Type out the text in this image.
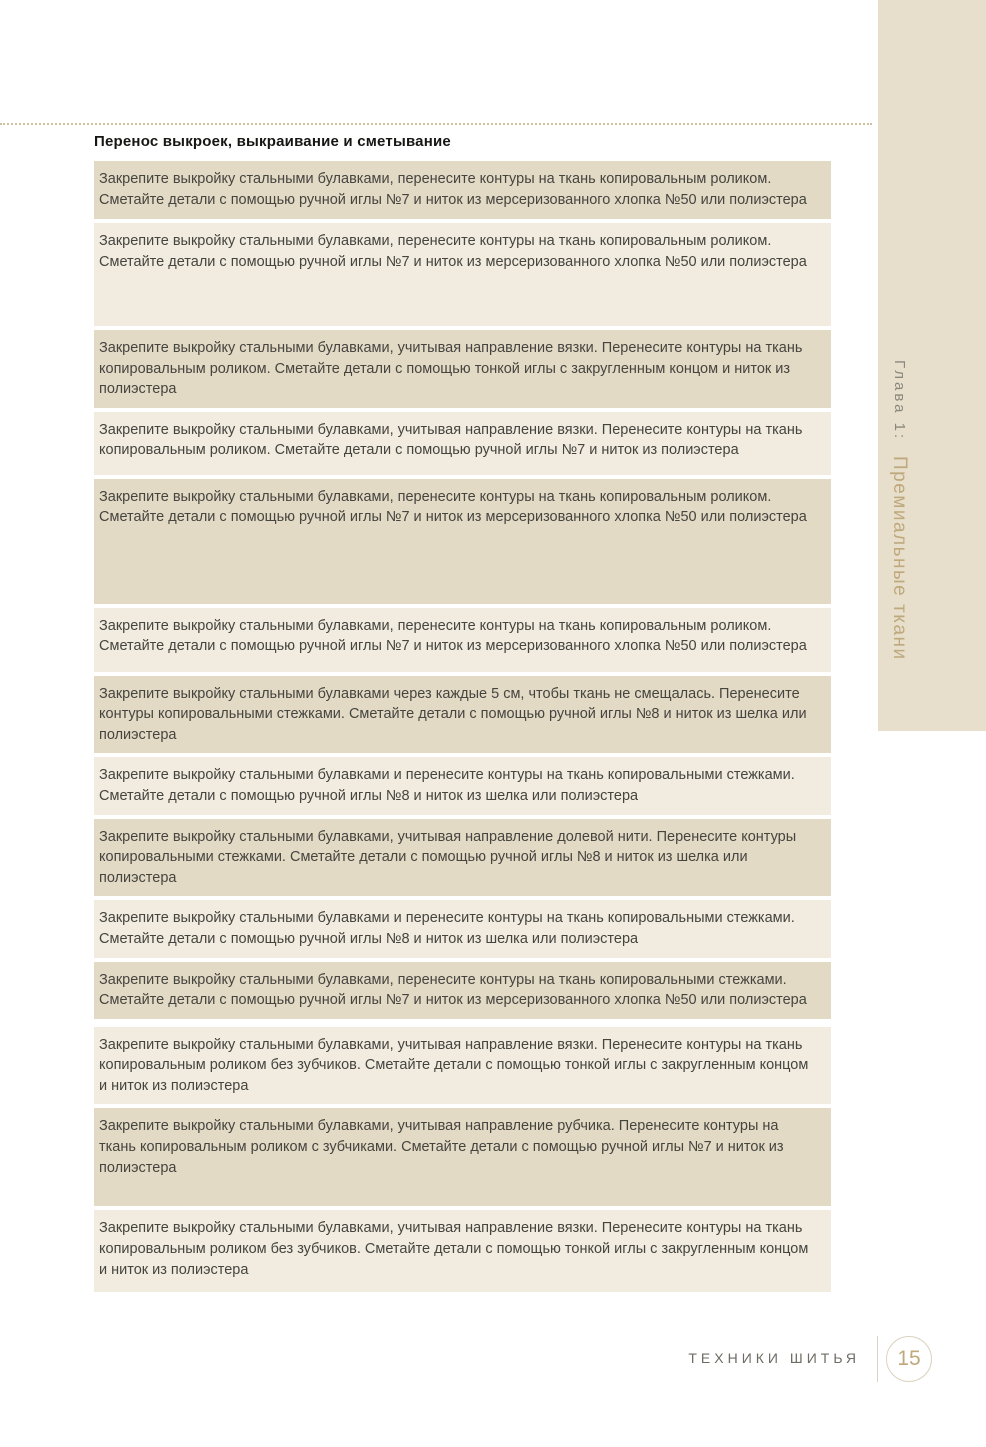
Глава 1: Премиальные ткани
Перенос выкроек, выкраивание и сметывание
Закрепите выкройку стальными булавками, перенесите контуры на ткань копировальным роликом. Сметайте детали с помощью ручной иглы №7 и ниток из мерсеризованного хлопка №50 или полиэстера
Закрепите выкройку стальными булавками, перенесите контуры на ткань копировальным роликом. Сметайте детали с помощью ручной иглы №7 и ниток из мерсеризованного хлопка №50 или полиэстера
Закрепите выкройку стальными булавками, учитывая направление вязки. Перенесите контуры на ткань копировальным роликом. Сметайте детали с помощью тонкой иглы с закругленным концом и ниток из полиэстера
Закрепите выкройку стальными булавками, учитывая направление вязки. Перенесите контуры на ткань копировальным роликом. Сметайте детали с помощью ручной иглы №7 и ниток из полиэстера
Закрепите выкройку стальными булавками, перенесите контуры на ткань копировальным роликом. Сметайте детали с помощью ручной иглы №7 и ниток из мерсеризованного хлопка №50 или полиэстера
Закрепите выкройку стальными булавками, перенесите контуры на ткань копировальным роликом. Сметайте детали с помощью ручной иглы №7 и ниток из мерсеризованного хлопка №50 или полиэстера
Закрепите выкройку стальными булавками через каждые 5 см, чтобы ткань не смещалась. Перенесите контуры копировальными стежками. Сметайте детали с помощью ручной иглы №8 и ниток из шелка или полиэстера
Закрепите выкройку стальными булавками и перенесите контуры на ткань копировальными стежками. Сметайте детали с помощью ручной иглы №8 и ниток из шелка или полиэстера
Закрепите выкройку стальными булавками, учитывая направление долевой нити. Перенесите контуры копировальными стежками. Сметайте детали с помощью ручной иглы №8 и ниток из шелка или полиэстера
Закрепите выкройку стальными булавками и перенесите контуры на ткань копировальными стежками. Сметайте детали с помощью ручной иглы №8 и ниток из шелка или полиэстера
Закрепите выкройку стальными булавками, перенесите контуры на ткань копировальными стежками. Сметайте детали с помощью ручной иглы №7 и ниток из мерсеризованного хлопка №50 или полиэстера
Закрепите выкройку стальными булавками, учитывая направление вязки. Перенесите контуры на ткань копировальным роликом без зубчиков. Сметайте детали с помощью тонкой иглы с закругленным концом и ниток из полиэстера
Закрепите выкройку стальными булавками, учитывая направление рубчика. Перенесите контуры на ткань копировальным роликом с зубчиками. Сметайте детали с помощью ручной иглы №7 и ниток из полиэстера
Закрепите выкройку стальными булавками, учитывая направление вязки. Перенесите контуры на ткань копировальным роликом без зубчиков. Сметайте детали с помощью тонкой иглы с закругленным концом и ниток из полиэстера
ТЕХНИКИ ШИТЬЯ	15
